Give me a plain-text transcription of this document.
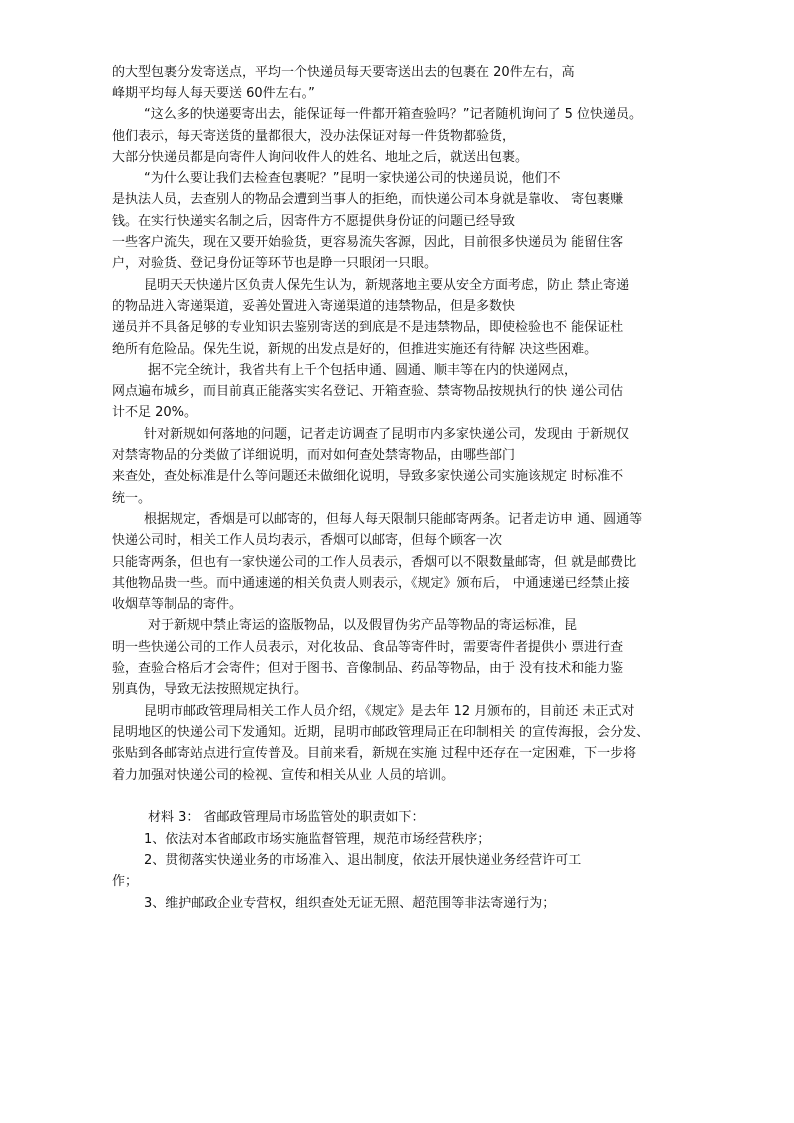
的大型包裹分发寄送点，平均一个快递员每天要寄送出去的包裹在 20件左右，高
峰期平均每人每天要送 60件左右。”
“这么多的快递要寄出去，能保证每一件都开箱查验吗？”记者随机询问了 5 位快递员。
他们表示，每天寄送货的量都很大，没办法保证对每一件货物都验货，
大部分快递员都是向寄件人询问收件人的姓名、地址之后，就送出包裹。
“为什么要让我们去检查包裹呢？”昆明一家快递公司的快递员说，他们不
是执法人员，去查别人的物品会遭到当事人的拒绝，而快递公司本身就是靠收、 寄包裹赚
钱。在实行快递实名制之后，因寄件方不愿提供身份证的问题已经导致
一些客户流失，现在又要开始验货，更容易流失客源，因此，目前很多快递员为 能留住客
户，对验货、登记身份证等环节也是睁一只眼闭一只眼。
昆明天天快递片区负责人保先生认为，新规落地主要从安全方面考虑，防止 禁止寄递
的物品进入寄递渠道，妥善处置进入寄递渠道的违禁物品，但是多数快
递员并不具备足够的专业知识去鉴别寄送的到底是不是违禁物品，即使检验也不 能保证杜
绝所有危险品。保先生说，新规的出发点是好的，但推进实施还有待解 决这些困难。
据不完全统计，我省共有上千个包括申通、圆通、顺丰等在内的快递网点，
网点遍布城乡，而目前真正能落实实名登记、开箱查验、禁寄物品按规执行的快 递公司估
计不足 20%。
针对新规如何落地的问题，记者走访调查了昆明市内多家快递公司，发现由 于新规仅
对禁寄物品的分类做了详细说明，而对如何查处禁寄物品，由哪些部门
来查处，查处标准是什么等问题还未做细化说明，导致多家快递公司实施该规定 时标准不
统一。
根据规定，香烟是可以邮寄的，但每人每天限制只能邮寄两条。记者走访申 通、圆通等
快递公司时，相关工作人员均表示，香烟可以邮寄，但每个顾客一次
只能寄两条，但也有一家快递公司的工作人员表示，香烟可以不限数量邮寄，但 就是邮费比
其他物品贵一些。而中通速递的相关负责人则表示，《规定》颁布后， 中通速递已经禁止接
收烟草等制品的寄件。
对于新规中禁止寄运的盗版物品，以及假冒伪劣产品等物品的寄运标准，昆
明一些快递公司的工作人员表示，对化妆品、食品等寄件时，需要寄件者提供小 票进行查
验，查验合格后才会寄件；但对于图书、音像制品、药品等物品，由于 没有技术和能力鉴
别真伪，导致无法按照规定执行。
昆明市邮政管理局相关工作人员介绍，《规定》是去年 12 月颁布的，目前还 未正式对
昆明地区的快递公司下发通知。近期，昆明市邮政管理局正在印制相关 的宣传海报，会分发、
张贴到各邮寄站点进行宣传普及。目前来看，新规在实施 过程中还存在一定困难，下一步将
着力加强对快递公司的检视、宣传和相关从业 人员的培训。
材料 3： 省邮政管理局市场监管处的职责如下：
1、依法对本省邮政市场实施监督管理，规范市场经营秩序；
2、贯彻落实快递业务的市场准入、退出制度，依法开展快递业务经营许可工
作；
3、维护邮政企业专营权，组织查处无证无照、超范围等非法寄递行为；
